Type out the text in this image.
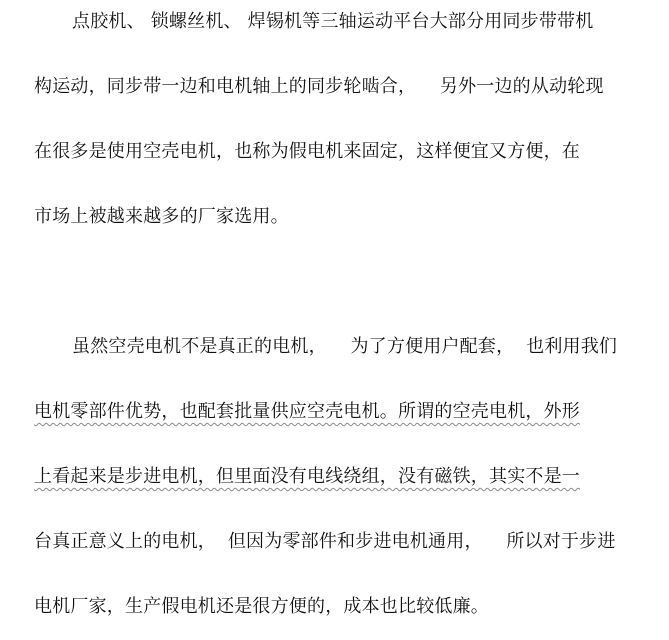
点胶机、 锁螺丝机、 焊锡机等三轴运动平台大部分用同步带带机
构运动，同步带一边和电机轴上的同步轮啮合，    另外一边的从动轮现
在很多是使用空壳电机，也称为假电机来固定，这样便宜又方便，在
市场上被越来越多的厂家选用。
虽然空壳电机不是真正的电机，    为了方便用户配套，  也利用我们
电机零部件优势，也配套批量供应空壳电机。所谓的空壳电机，外形
上看起来是步进电机，但里面没有电线绕组，没有磁铁，其实不是一
台真正意义上的电机，  但因为零部件和步进电机通用，    所以对于步进
电机厂家，生产假电机还是很方便的，成本也比较低廉。
